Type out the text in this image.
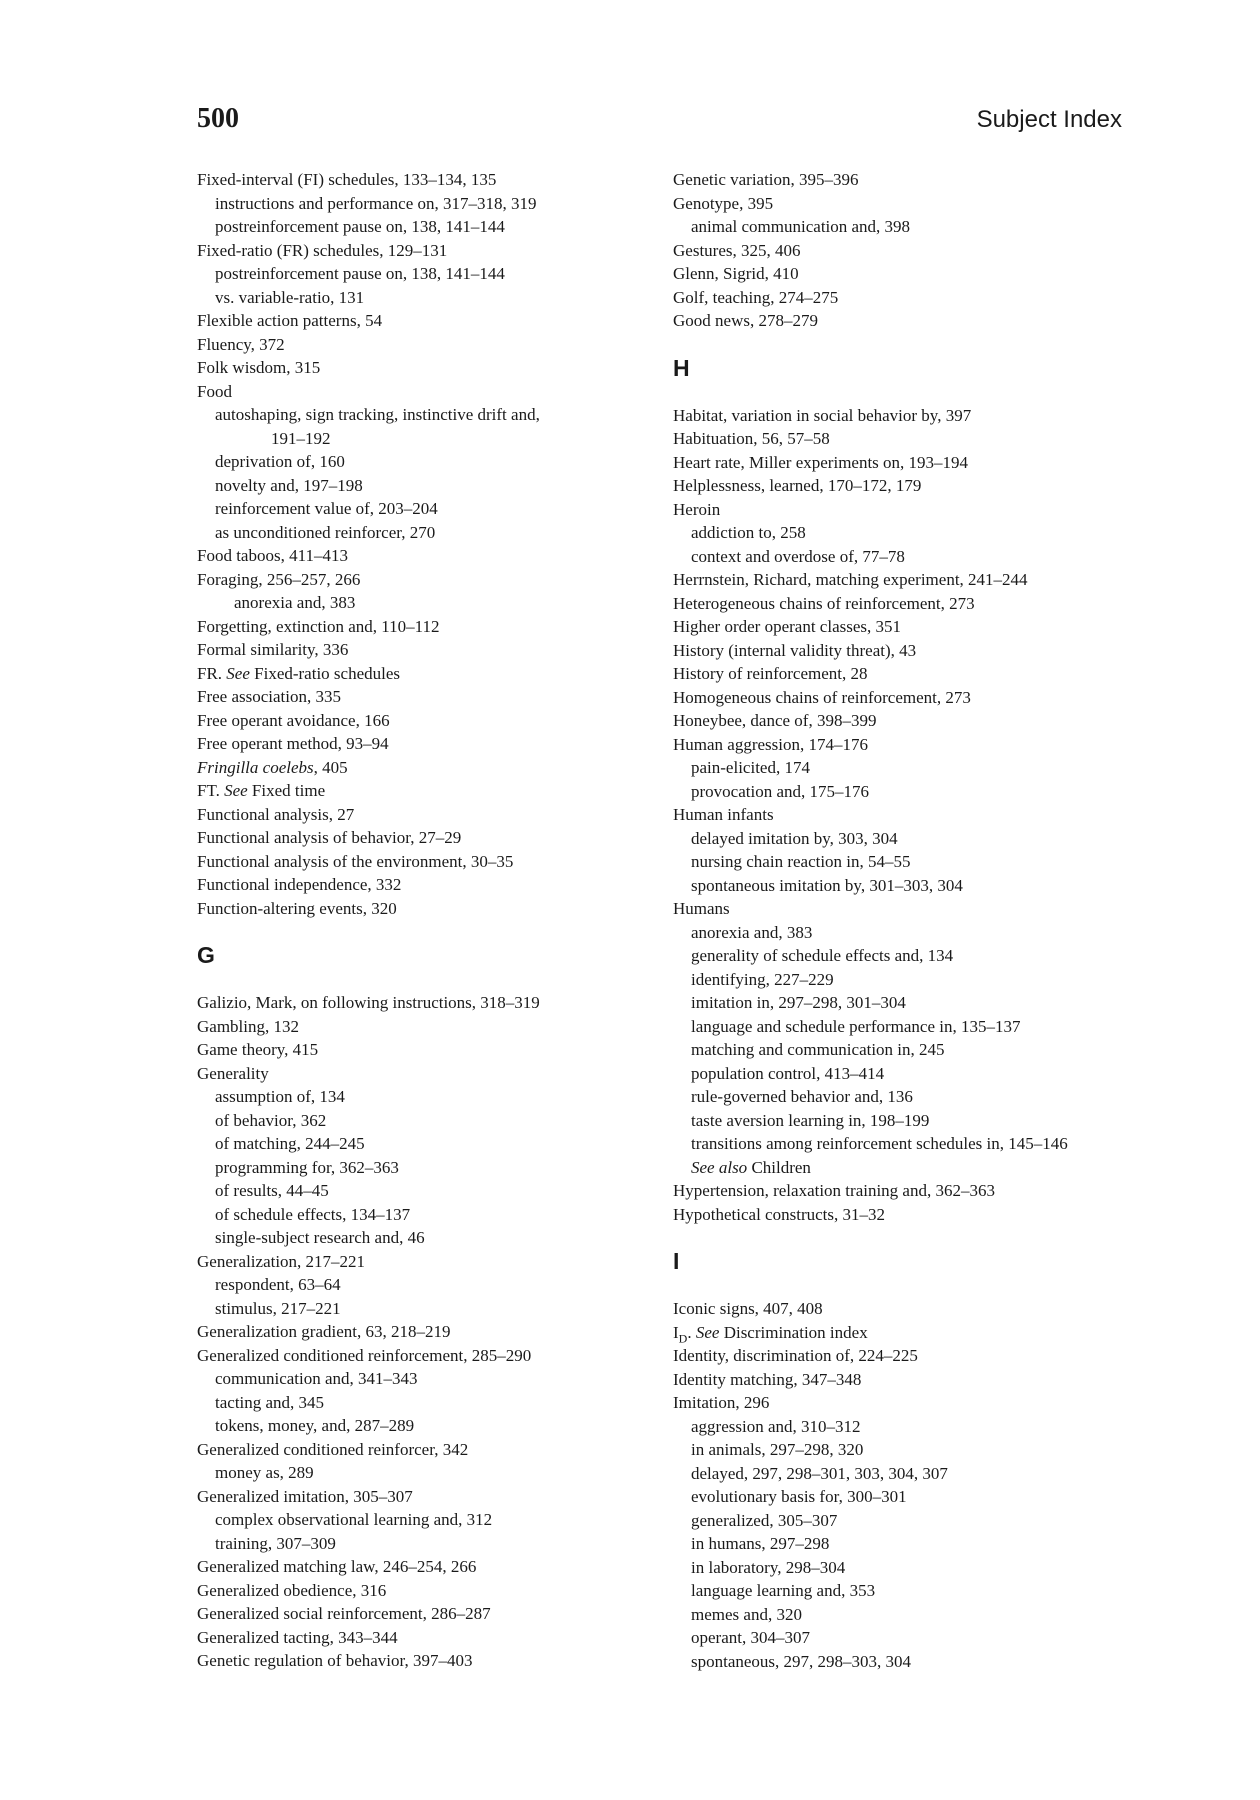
500	Subject Index
Fixed-interval (FI) schedules, 133–134, 135
instructions and performance on, 317–318, 319
postreinforcement pause on, 138, 141–144
Fixed-ratio (FR) schedules, 129–131
postreinforcement pause on, 138, 141–144
vs. variable-ratio, 131
Flexible action patterns, 54
Fluency, 372
Folk wisdom, 315
Food
autoshaping, sign tracking, instinctive drift and,
191–192
deprivation of, 160
novelty and, 197–198
reinforcement value of, 203–204
as unconditioned reinforcer, 270
Food taboos, 411–413
Foraging, 256–257, 266
anorexia and, 383
Forgetting, extinction and, 110–112
Formal similarity, 336
FR. See Fixed-ratio schedules
Free association, 335
Free operant avoidance, 166
Free operant method, 93–94
Fringilla coelebs, 405
FT. See Fixed time
Functional analysis, 27
Functional analysis of behavior, 27–29
Functional analysis of the environment, 30–35
Functional independence, 332
Function-altering events, 320
G
Galizio, Mark, on following instructions, 318–319
Gambling, 132
Game theory, 415
Generality
assumption of, 134
of behavior, 362
of matching, 244–245
programming for, 362–363
of results, 44–45
of schedule effects, 134–137
single-subject research and, 46
Generalization, 217–221
respondent, 63–64
stimulus, 217–221
Generalization gradient, 63, 218–219
Generalized conditioned reinforcement, 285–290
communication and, 341–343
tacting and, 345
tokens, money, and, 287–289
Generalized conditioned reinforcer, 342
money as, 289
Generalized imitation, 305–307
complex observational learning and, 312
training, 307–309
Generalized matching law, 246–254, 266
Generalized obedience, 316
Generalized social reinforcement, 286–287
Generalized tacting, 343–344
Genetic regulation of behavior, 397–403
Genetic variation, 395–396
Genotype, 395
animal communication and, 398
Gestures, 325, 406
Glenn, Sigrid, 410
Golf, teaching, 274–275
Good news, 278–279
H
Habitat, variation in social behavior by, 397
Habituation, 56, 57–58
Heart rate, Miller experiments on, 193–194
Helplessness, learned, 170–172, 179
Heroin
addiction to, 258
context and overdose of, 77–78
Herrnstein, Richard, matching experiment, 241–244
Heterogeneous chains of reinforcement, 273
Higher order operant classes, 351
History (internal validity threat), 43
History of reinforcement, 28
Homogeneous chains of reinforcement, 273
Honeybee, dance of, 398–399
Human aggression, 174–176
pain-elicited, 174
provocation and, 175–176
Human infants
delayed imitation by, 303, 304
nursing chain reaction in, 54–55
spontaneous imitation by, 301–303, 304
Humans
anorexia and, 383
generality of schedule effects and, 134
identifying, 227–229
imitation in, 297–298, 301–304
language and schedule performance in, 135–137
matching and communication in, 245
population control, 413–414
rule-governed behavior and, 136
taste aversion learning in, 198–199
transitions among reinforcement schedules in, 145–146
See also Children
Hypertension, relaxation training and, 362–363
Hypothetical constructs, 31–32
I
Iconic signs, 407, 408
$I_D$. See Discrimination index
Identity, discrimination of, 224–225
Identity matching, 347–348
Imitation, 296
aggression and, 310–312
in animals, 297–298, 320
delayed, 297, 298–301, 303, 304, 307
evolutionary basis for, 300–301
generalized, 305–307
in humans, 297–298
in laboratory, 298–304
language learning and, 353
memes and, 320
operant, 304–307
spontaneous, 297, 298–303, 304
